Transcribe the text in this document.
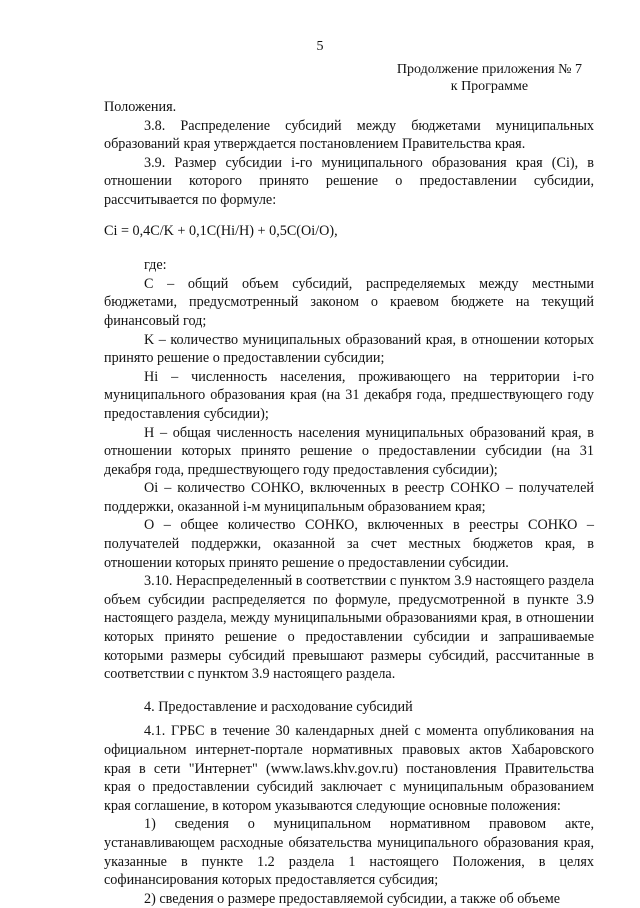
5
Продолжение приложения № 7
к Программе

Положения.

3.8. Распределение субсидий между бюджетами муниципальных образований края утверждается постановлением Правительства края.

3.9. Размер субсидии i-го муниципального образования края (Ci), в отношении которого принято решение о предоставлении субсидии, рассчитывается по формуле:

Ci = 0,4С/K + 0,1С(Hi/H) + 0,5С(Oi/O),

где:

С – общий объем субсидий, распределяемых между местными бюджетами, предусмотренный законом о краевом бюджете на текущий финансовый год;

K – количество муниципальных образований края, в отношении которых принято решение о предоставлении субсидии;

Hi – численность населения, проживающего на территории i-го муниципального образования края (на 31 декабря года, предшествующего году предоставления субсидии);

H – общая численность населения муниципальных образований края, в отношении которых принято решение о предоставлении субсидии (на 31 декабря года, предшествующего году предоставления субсидии);

Oi – количество СОНКО, включенных в реестр СОНКО – получателей поддержки, оказанной i-м муниципальным образованием края;

O – общее количество СОНКО, включенных в реестры СОНКО – получателей поддержки, оказанной за счет местных бюджетов края, в отношении которых принято решение о предоставлении субсидии.

3.10. Нераспределенный в соответствии с пунктом 3.9 настоящего раздела объем субсидии распределяется по формуле, предусмотренной в пункте 3.9 настоящего раздела, между муниципальными образованиями края, в отношении которых принято решение о предоставлении субсидии и запрашиваемые которыми размеры субсидий превышают размеры субсидий, рассчитанные в соответствии с пунктом 3.9 настоящего раздела.

4. Предоставление и расходование субсидий

4.1. ГРБС в течение 30 календарных дней с момента опубликования на официальном интернет-портале нормативных правовых актов Хабаровского края в сети "Интернет" (www.laws.khv.gov.ru) постановления Правительства края о предоставлении субсидий заключает с муниципальным образованием края соглашение, в котором указываются следующие основные положения:

1) сведения о муниципальном нормативном правовом акте, устанавливающем расходные обязательства муниципального образования края, указанные в пункте 1.2 раздела 1 настоящего Положения, в целях софинансирования которых предоставляется субсидия;

2) сведения о размере предоставляемой субсидии, а также об объеме
